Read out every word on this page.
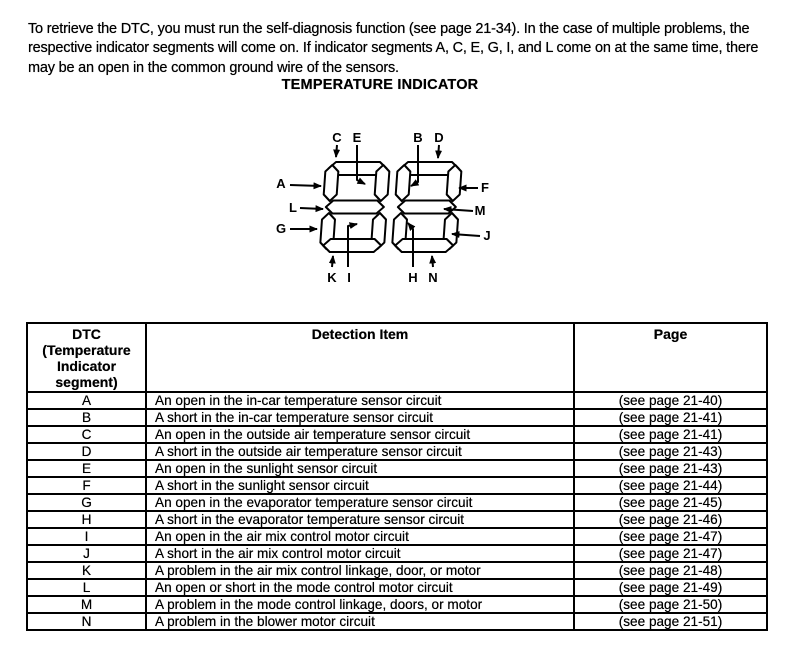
To retrieve the DTC, you must run the self-diagnosis function (see page 21-34). In the case of multiple problems, the respective indicator segments will come on. If indicator segments A, C, E, G, I, and L come on at the same time, there may be an open in the common ground wire of the sensors.

TEMPERATURE INDICATOR
C E	B D
A
L
G
F
M
J
K I	H N
DTC
(Temperature
Indicator
segment)	Detection Item	Page
A	An open in the in-car temperature sensor circuit	(see page 21-40)
B	A short in the in-car temperature sensor circuit	(see page 21-41)
C	An open in the outside air temperature sensor circuit	(see page 21-41)
D	A short in the outside air temperature sensor circuit	(see page 21-43)
E	An open in the sunlight sensor circuit	(see page 21-43)
F	A short in the sunlight sensor circuit	(see page 21-44)
G	An open in the evaporator temperature sensor circuit	(see page 21-45)
H	A short in the evaporator temperature sensor circuit	(see page 21-46)
I	An open in the air mix control motor circuit	(see page 21-47)
J	A short in the air mix control motor circuit	(see page 21-47)
K	A problem in the air mix control linkage, door, or motor	(see page 21-48)
L	An open or short in the mode control motor circuit	(see page 21-49)
M	A problem in the mode control linkage, doors, or motor	(see page 21-50)
N	A problem in the blower motor circuit	(see page 21-51)
